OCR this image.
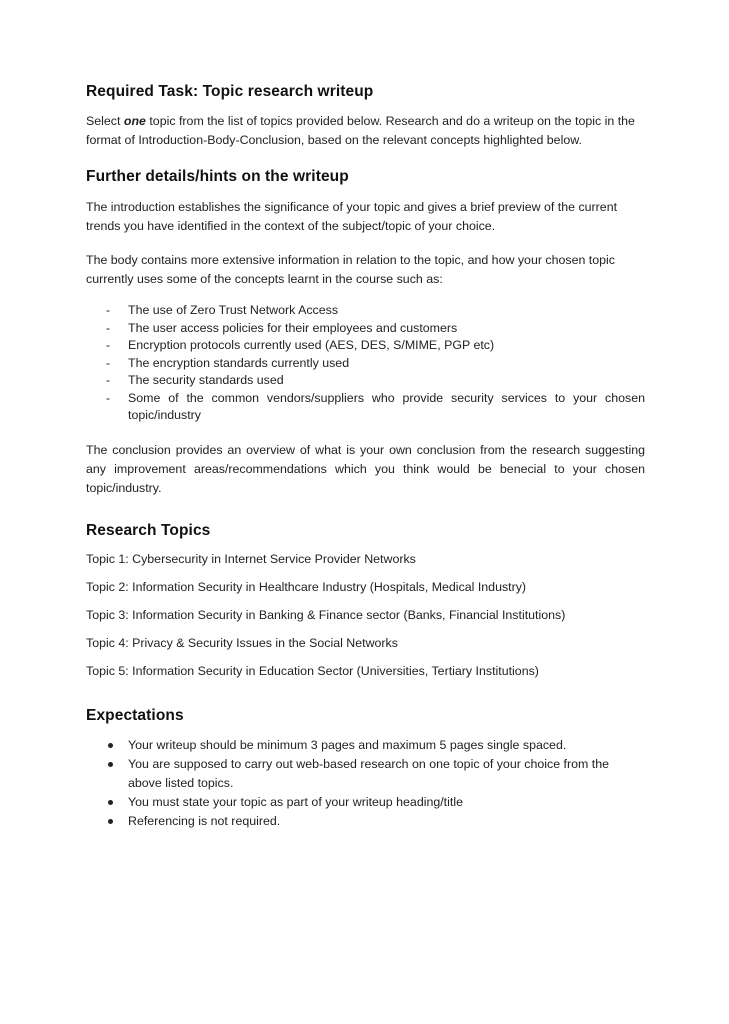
Required Task: Topic research writeup

Select one topic from the list of topics provided below. Research and do a writeup on the topic in the format of Introduction-Body-Conclusion, based on the relevant concepts highlighted below.

Further details/hints on the writeup

The introduction establishes the significance of your topic and gives a brief preview of the current trends you have identified in the context of the subject/topic of your choice.

The body contains more extensive information in relation to the topic, and how your chosen topic currently uses some of the concepts learnt in the course such as:

- The use of Zero Trust Network Access
- The user access policies for their employees and customers
- Encryption protocols currently used (AES, DES, S/MIME, PGP etc)
- The encryption standards currently used
- The security standards used
- Some of the common vendors/suppliers who provide security services to your chosen topic/industry

The conclusion provides an overview of what is your own conclusion from the research suggesting any improvement areas/recommendations which you think would be benecial to your chosen topic/industry.

Research Topics
Topic 1: Cybersecurity in Internet Service Provider Networks
Topic 2: Information Security in Healthcare Industry (Hospitals, Medical Industry)
Topic 3: Information Security in Banking & Finance sector (Banks, Financial Institutions)
Topic 4: Privacy & Security Issues in the Social Networks
Topic 5: Information Security in Education Sector (Universities, Tertiary Institutions)
Expectations
Your writeup should be minimum 3 pages and maximum 5 pages single spaced.
You are supposed to carry out web-based research on one topic of your choice from the above listed topics.
You must state your topic as part of your writeup heading/title
Referencing is not required.
